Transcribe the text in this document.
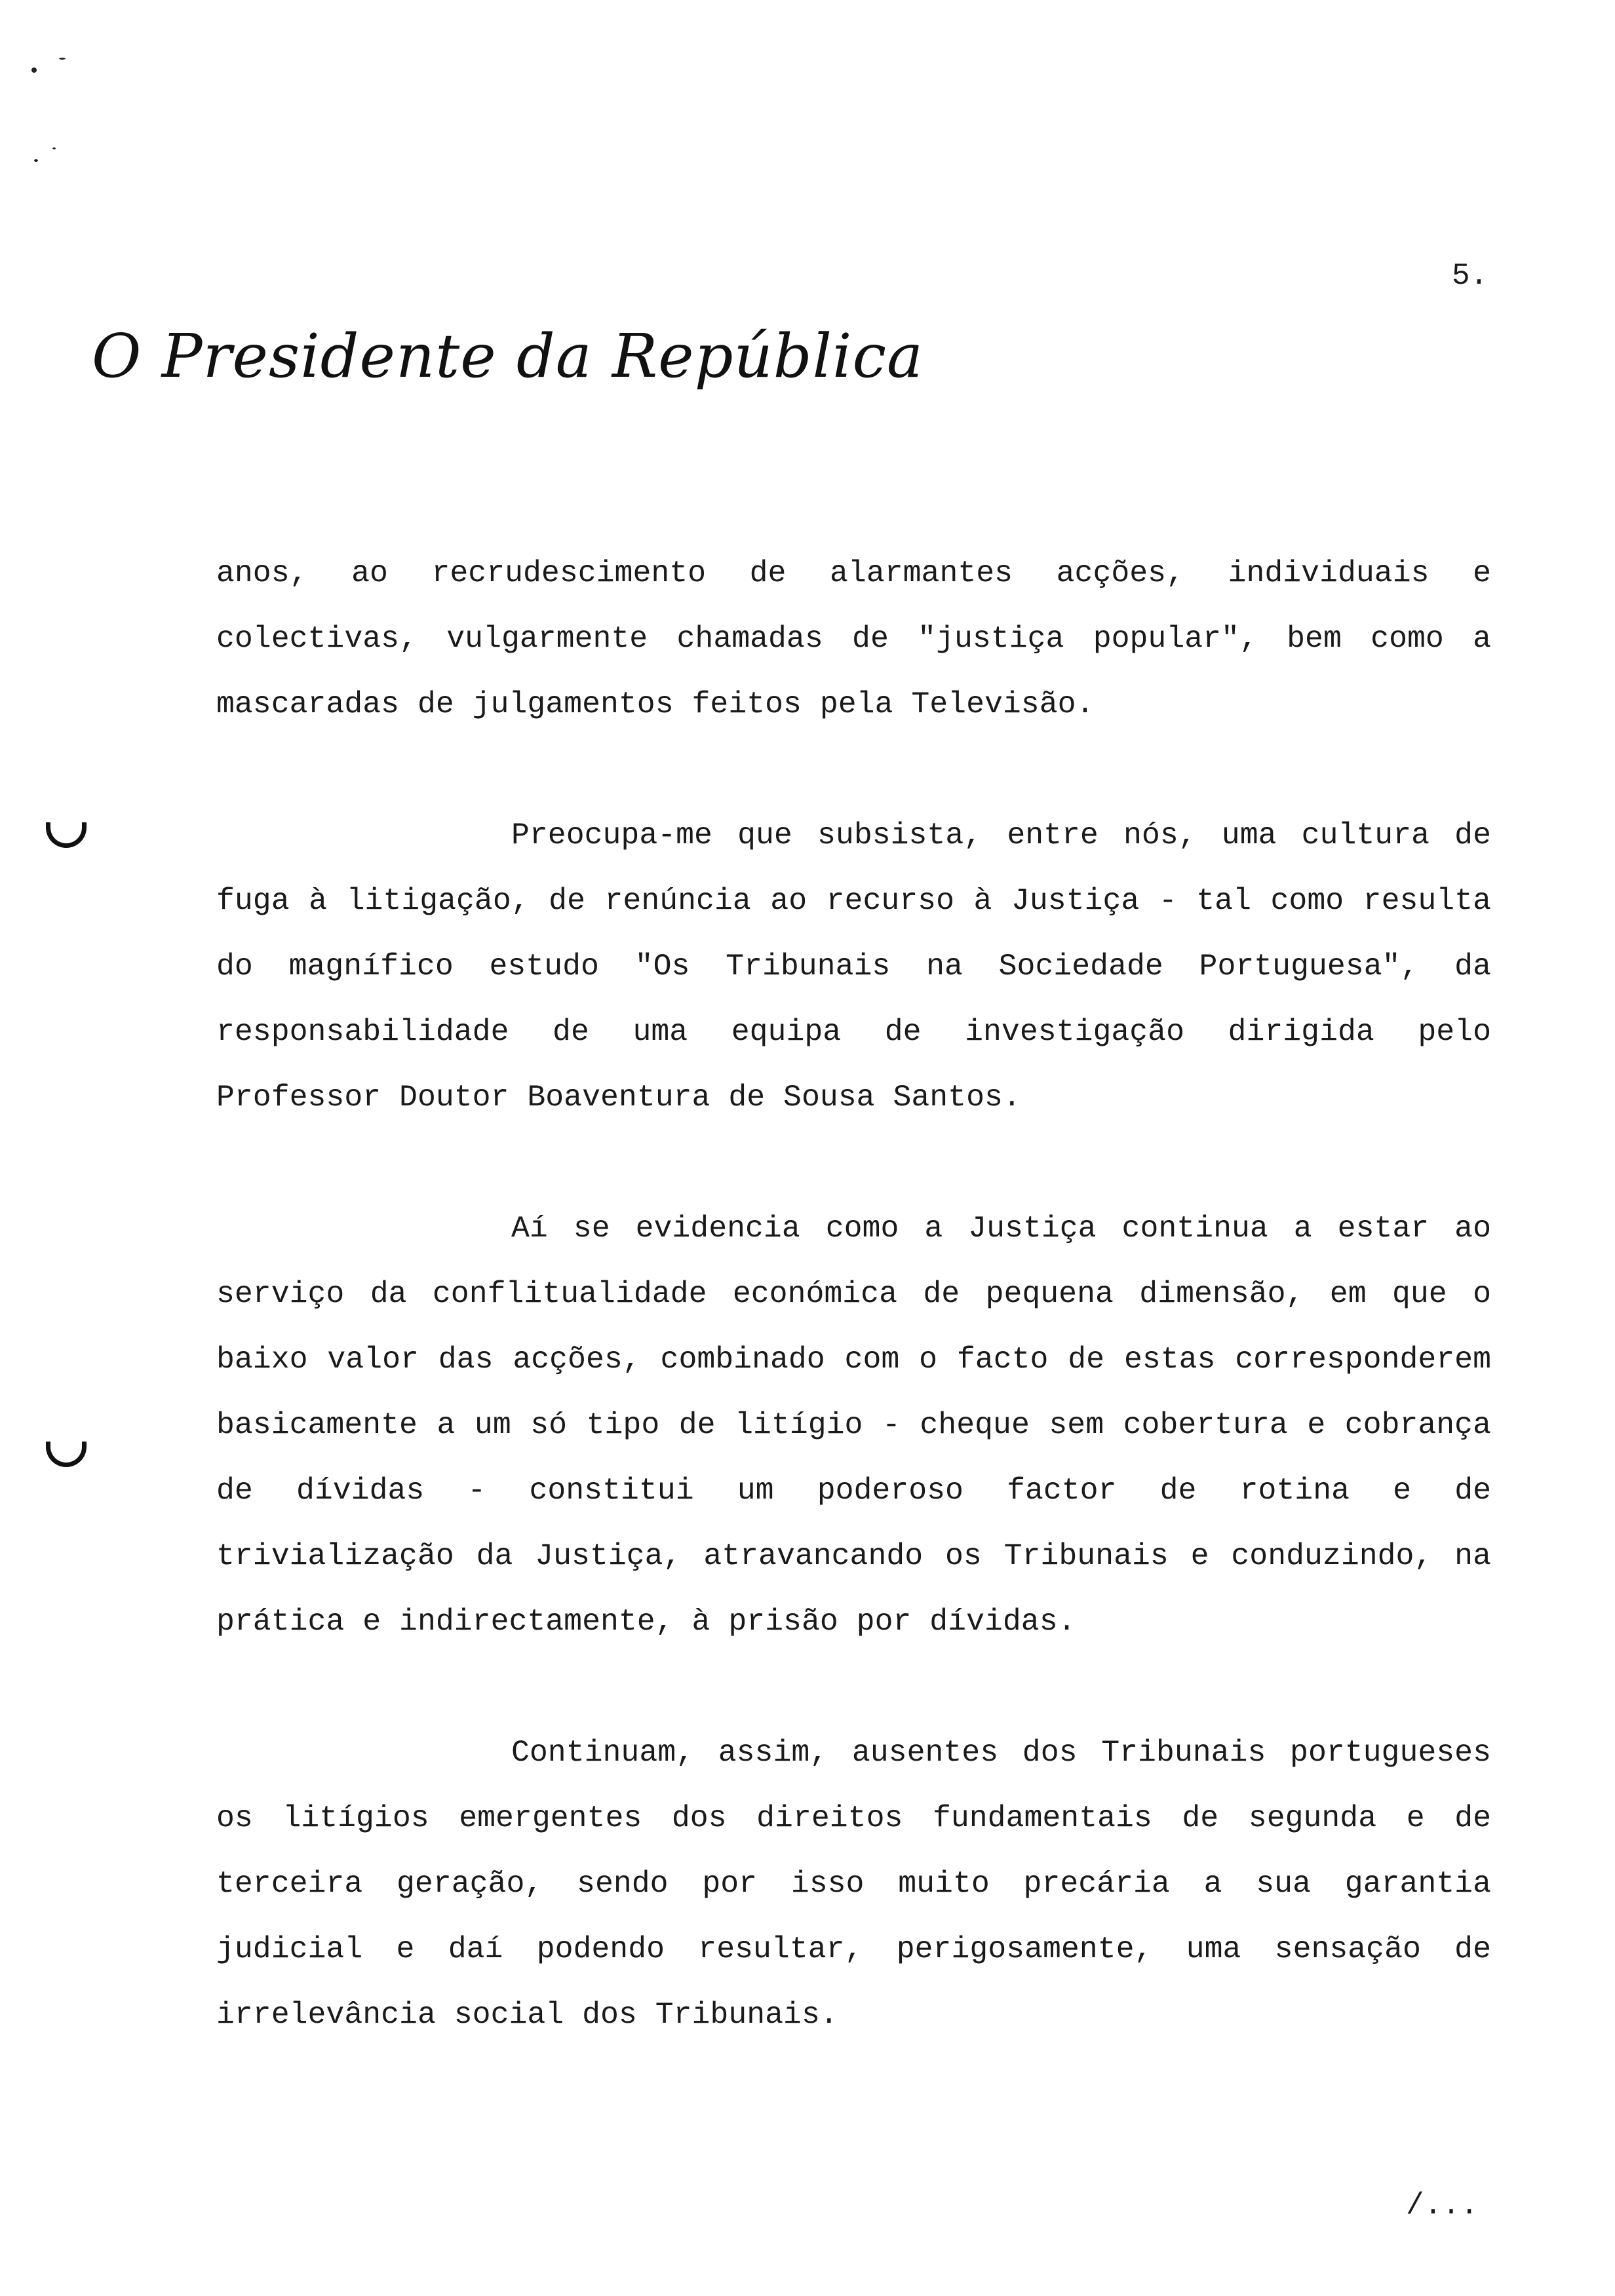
5.
O Presidente da República

anos, ao recrudescimento de alarmantes acções, individuais e colectivas, vulgarmente chamadas de "justiça popular", bem como a mascaradas de julgamentos feitos pela Televisão.

Preocupa-me que subsista, entre nós, uma cultura de fuga à litigação, de renúncia ao recurso à Justiça - tal como resulta do magnífico estudo "Os Tribunais na Sociedade Portuguesa", da responsabilidade de uma equipa de investigação dirigida pelo Professor Doutor Boaventura de Sousa Santos.

Aí se evidencia como a Justiça continua a estar ao serviço da conflitualidade económica de pequena dimensão, em que o baixo valor das acções, combinado com o facto de estas corresponderem basicamente a um só tipo de litígio - cheque sem cobertura e cobrança de dívidas - constitui um poderoso factor de rotina e de trivialização da Justiça, atravancando os Tribunais e conduzindo, na prática e indirectamente, à prisão por dívidas.

Continuam, assim, ausentes dos Tribunais portugueses os litígios emergentes dos direitos fundamentais de segunda e de terceira geração, sendo por isso muito precária a sua garantia judicial e daí podendo resultar, perigosamente, uma sensação de irrelevância social dos Tribunais.

/...
